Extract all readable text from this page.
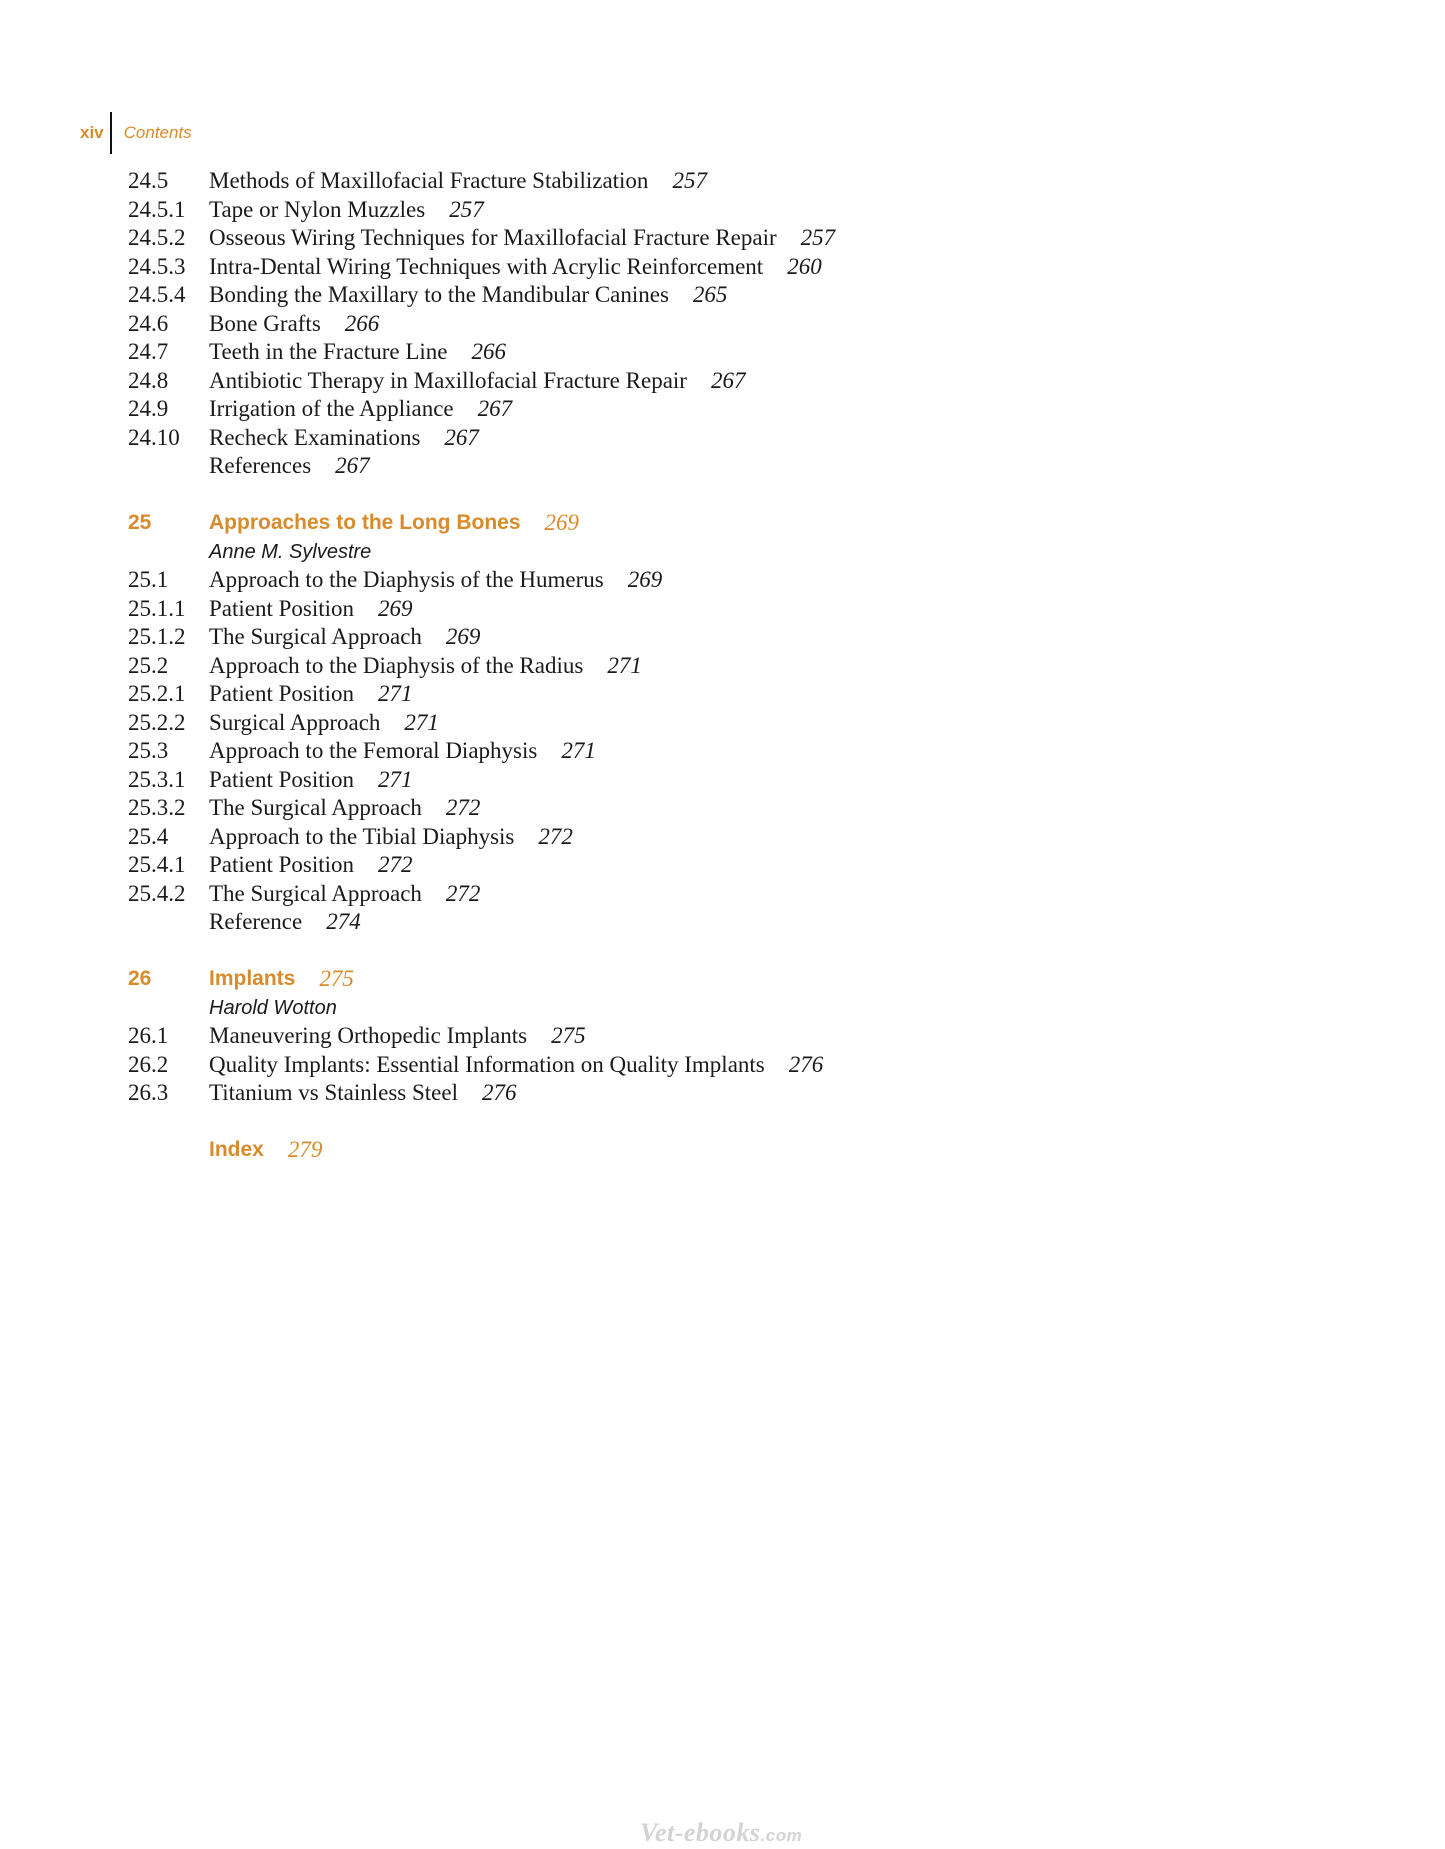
xiv Contents
24.5	Methods of Maxillofacial Fracture Stabilization 257
24.5.1	Tape or Nylon Muzzles 257
24.5.2	Osseous Wiring Techniques for Maxillofacial Fracture Repair 257
24.5.3	Intra-Dental Wiring Techniques with Acrylic Reinforcement 260
24.5.4	Bonding the Maxillary to the Mandibular Canines 265
24.6	Bone Grafts 266
24.7	Teeth in the Fracture Line 266
24.8	Antibiotic Therapy in Maxillofacial Fracture Repair 267
24.9	Irrigation of the Appliance 267
24.10	Recheck Examinations 267
References 267
25	Approaches to the Long Bones 269
Anne M. Sylvestre
25.1	Approach to the Diaphysis of the Humerus 269
25.1.1	Patient Position 269
25.1.2	The Surgical Approach 269
25.2	Approach to the Diaphysis of the Radius 271
25.2.1	Patient Position 271
25.2.2	Surgical Approach 271
25.3	Approach to the Femoral Diaphysis 271
25.3.1	Patient Position 271
25.3.2	The Surgical Approach 272
25.4	Approach to the Tibial Diaphysis 272
25.4.1	Patient Position 272
25.4.2	The Surgical Approach 272
Reference 274
26	Implants 275
Harold Wotton
26.1	Maneuvering Orthopedic Implants 275
26.2	Quality Implants: Essential Information on Quality Implants 276
26.3	Titanium vs Stainless Steel 276
Index 279
Vet-ebooks.com
